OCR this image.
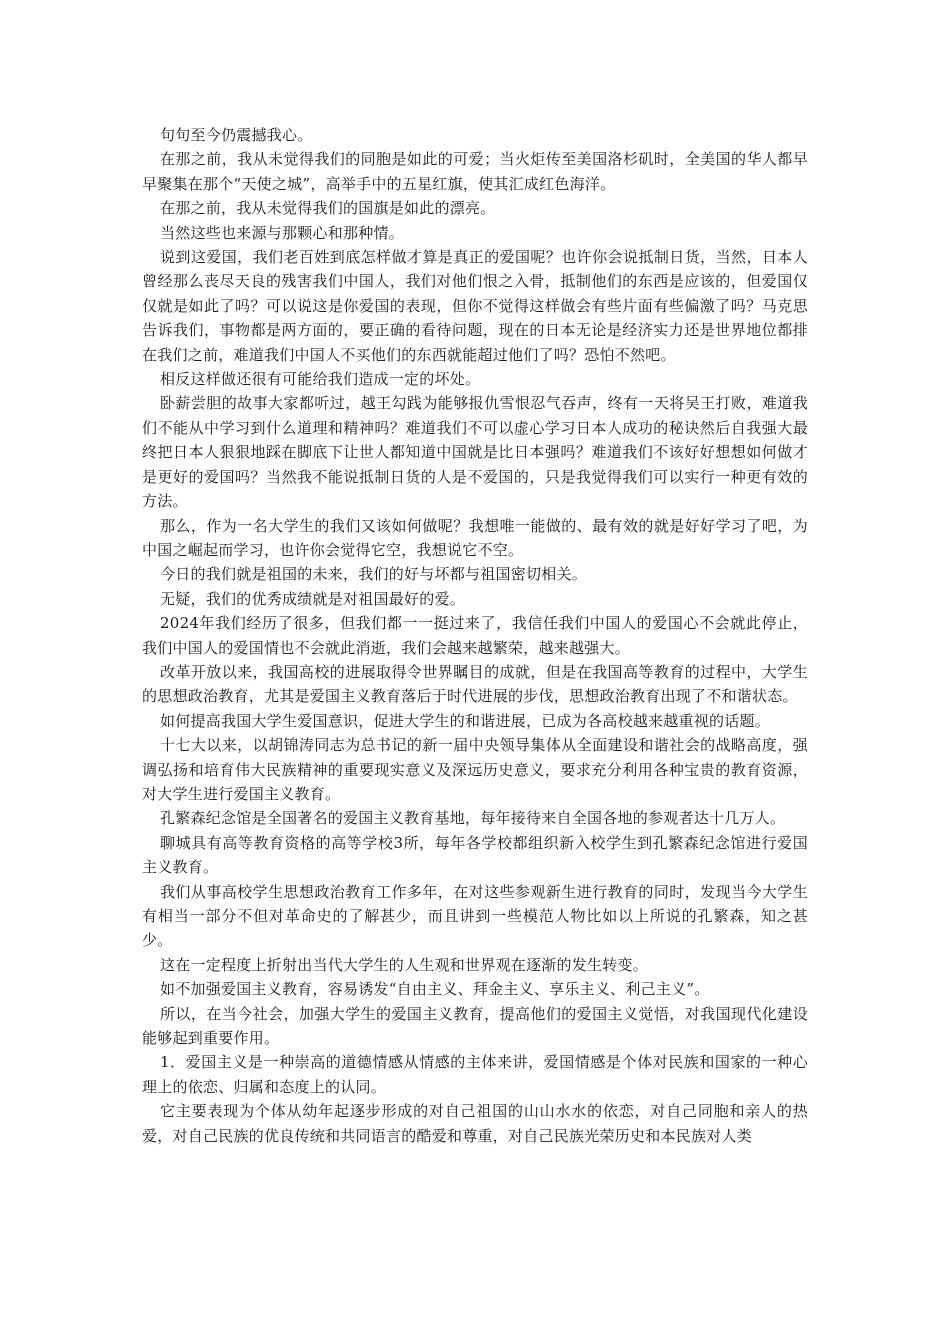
句句至今仍震撼我心。

在那之前，我从未觉得我们的同胞是如此的可爱；当火炬传至美国洛杉矶时，全美国的华人都早早聚集在那个“天使之城”，高举手中的五星红旗，使其汇成红色海洋。

在那之前，我从未觉得我们的国旗是如此的漂亮。

当然这些也来源与那颗心和那种情。

说到这爱国，我们老百姓到底怎样做才算是真正的爱国呢？也许你会说抵制日货，当然，日本人曾经那么丧尽天良的残害我们中国人，我们对他们恨之入骨，抵制他们的东西是应该的，但爱国仅仅就是如此了吗？可以说这是你爱国的表现，但你不觉得这样做会有些片面有些偏激了吗？马克思告诉我们，事物都是两方面的，要正确的看待问题，现在的日本无论是经济实力还是世界地位都排在我们之前，难道我们中国人不买他们的东西就能超过他们了吗？恐怕不然吧。

相反这样做还很有可能给我们造成一定的坏处。

卧薪尝胆的故事大家都听过，越王勾践为能够报仇雪恨忍气吞声，终有一天将吴王打败，难道我们不能从中学习到什么道理和精神吗？难道我们不可以虚心学习日本人成功的秘诀然后自我强大最终把日本人狠狠地踩在脚底下让世人都知道中国就是比日本强吗？难道我们不该好好想想如何做才是更好的爱国吗？当然我不能说抵制日货的人是不爱国的，只是我觉得我们可以实行一种更有效的方法。

那么，作为一名大学生的我们又该如何做呢？我想唯一能做的、最有效的就是好好学习了吧，为中国之崛起而学习，也许你会觉得它空，我想说它不空。

今日的我们就是祖国的未来，我们的好与坏都与祖国密切相关。

无疑，我们的优秀成绩就是对祖国最好的爱。

2024年我们经历了很多，但我们都一一挺过来了，我信任我们中国人的爱国心不会就此停止，我们中国人的爱国情也不会就此消逝，我们会越来越繁荣，越来越强大。

改革开放以来，我国高校的进展取得令世界瞩目的成就，但是在我国高等教育的过程中，大学生的思想政治教育，尤其是爱国主义教育落后于时代进展的步伐，思想政治教育出现了不和谐状态。

如何提高我国大学生爱国意识，促进大学生的和谐进展，已成为各高校越来越重视的话题。

十七大以来，以胡锦涛同志为总书记的新一届中央领导集体从全面建设和谐社会的战略高度，强调弘扬和培育伟大民族精神的重要现实意义及深远历史意义，要求充分利用各种宝贵的教育资源，对大学生进行爱国主义教育。

孔繁森纪念馆是全国著名的爱国主义教育基地，每年接待来自全国各地的参观者达十几万人。

聊城具有高等教育资格的高等学校3所，每年各学校都组织新入校学生到孔繁森纪念馆进行爱国主义教育。

我们从事高校学生思想政治教育工作多年，在对这些参观新生进行教育的同时，发现当今大学生有相当一部分不但对革命史的了解甚少，而且讲到一些模范人物比如以上所说的孔繁森，知之甚少。

这在一定程度上折射出当代大学生的人生观和世界观在逐渐的发生转变。

如不加强爱国主义教育，容易诱发“自由主义、拜金主义、享乐主义、利己主义”。

所以，在当今社会，加强大学生的爱国主义教育，提高他们的爱国主义觉悟，对我国现代化建设能够起到重要作用。

1．爱国主义是一种崇高的道德情感从情感的主体来讲，爱国情感是个体对民族和国家的一种心理上的依恋、归属和态度上的认同。

它主要表现为个体从幼年起逐步形成的对自己祖国的山山水水的依恋，对自己同胞和亲人的热爱，对自己民族的优良传统和共同语言的酷爱和尊重，对自己民族光荣历史和本民族对人类
